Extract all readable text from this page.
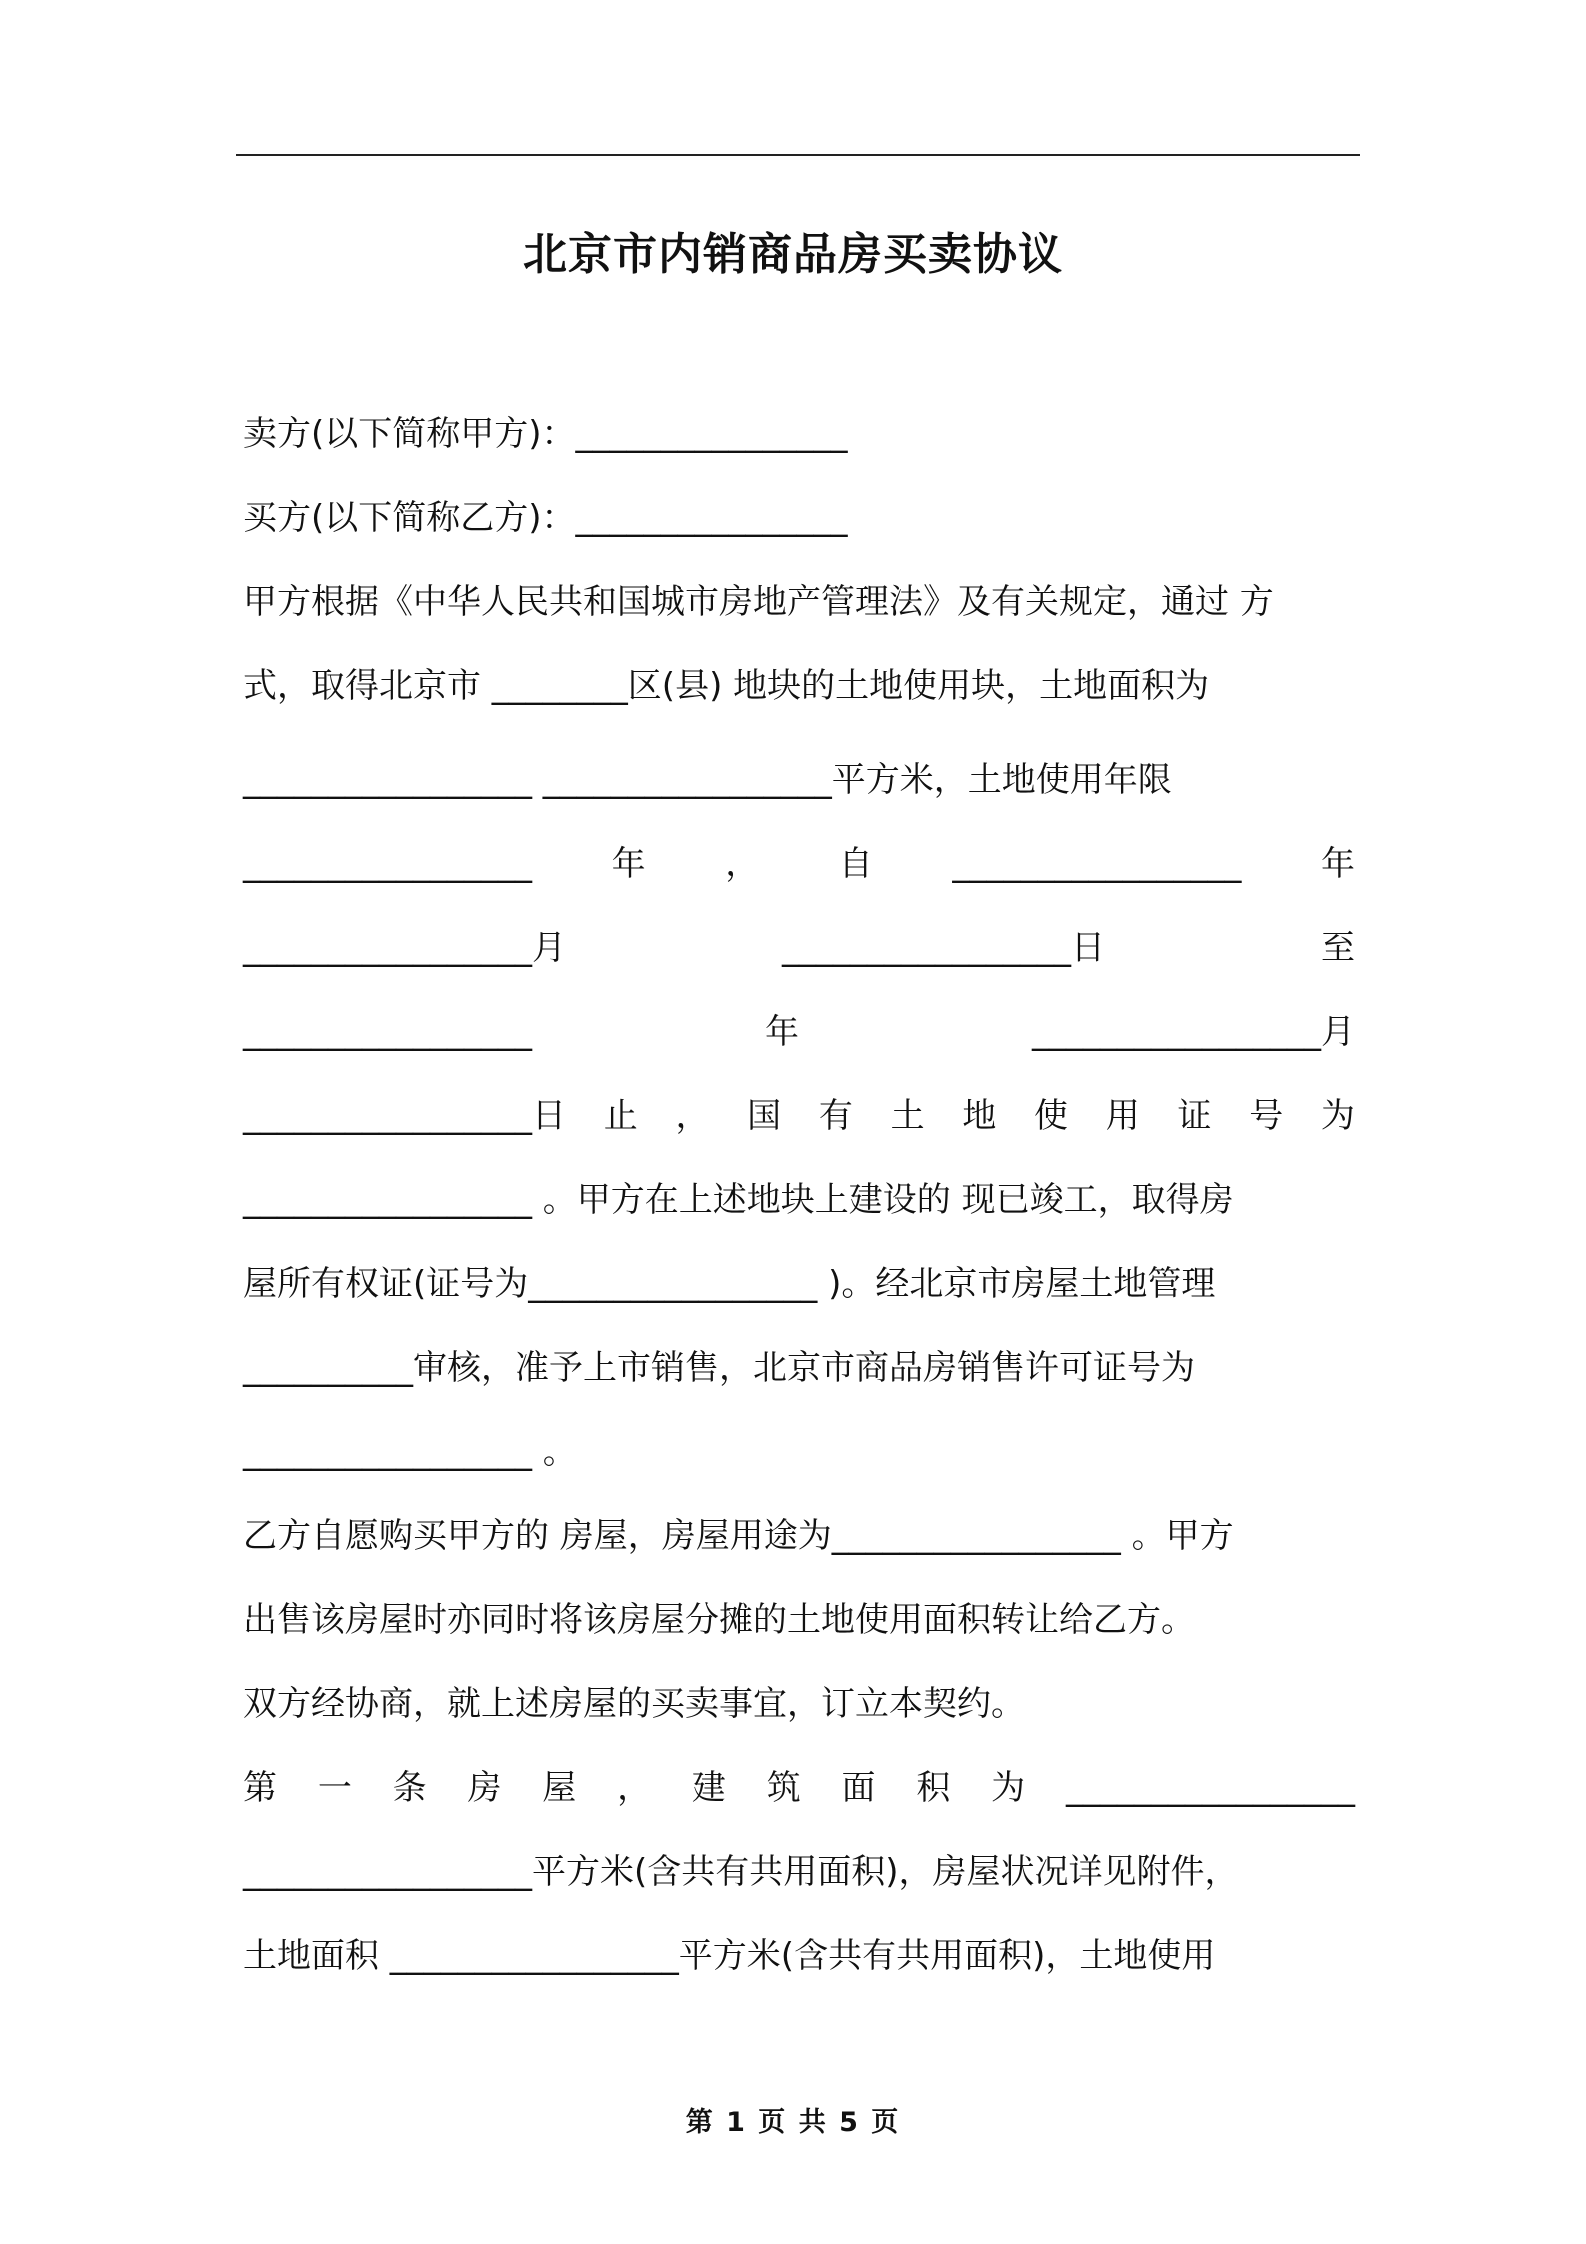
北京市内销商品房买卖协议
卖方(以下简称甲方)：________________
买方(以下简称乙方)：________________
甲方根据《中华人民共和国城市房地产管理法》及有关规定，通过 方
式，取得北京市 ________区(县) 地块的土地使用块，土地面积为
_________________ _________________平方米，土地使用年限
_________________ 年 ， 自 _________________ 年
_________________月	_________________日	至
_________________	年	_________________月
_________________日 止 ， 国 有 土 地 使 用 证 号 为
_________________ 。甲方在上述地块上建设的 现已竣工，取得房
屋所有权证(证号为_________________ )。经北京市房屋土地管理
__________审核，准予上市销售，北京市商品房销售许可证号为
_________________ 。
乙方自愿购买甲方的 房屋，房屋用途为_________________ 。甲方
出售该房屋时亦同时将该房屋分摊的土地使用面积转让给乙方。
双方经协商，就上述房屋的买卖事宜，订立本契约。
第 一 条 房 屋 ， 建 筑 面 积 为 _________________
_________________平方米(含共有共用面积)，房屋状况详见附件，
土地面积 _________________平方米(含共有共用面积)，土地使用
第 1 页 共 5 页
